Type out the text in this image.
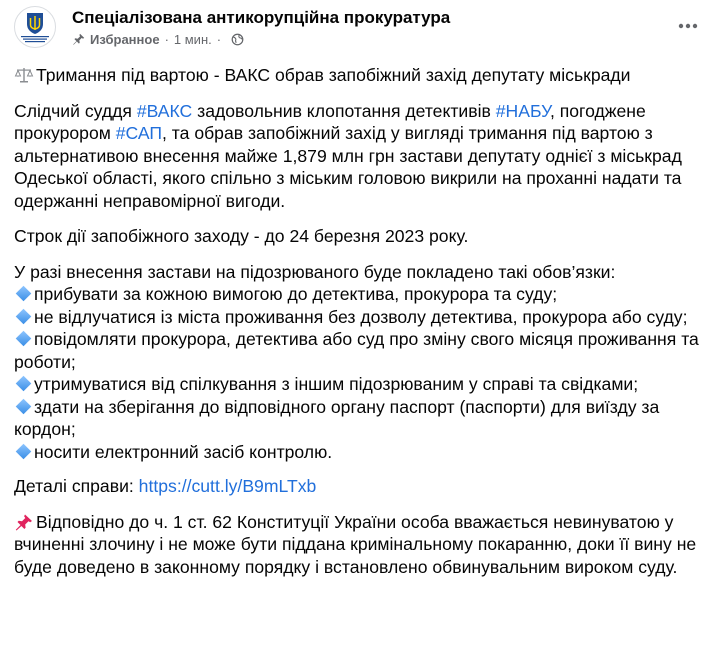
Спеціалізована антикорупційна прокуратура
Избранное · 1 мин. ·

Тримання під вартою - ВАКС обрав запобіжний захід депутату міськради

Слідчий суддя #ВАКС задовольнив клопотання детективів #НАБУ, погоджене прокурором #САП, та обрав запобіжний захід у вигляді тримання під вартою з альтернативою внесення майже 1,879 млн грн застави депутату однієї з міськрад Одеської області, якого спільно з міським головою викрили на проханні надати та одержанні неправомірної вигоди.

Строк дії запобіжного заходу - до 24 березня 2023 року.

У разі внесення застави на підозрюваного буде покладено такі обов’язки:
прибувати за кожною вимогою до детектива, прокурора та суду;
не відлучатися із міста проживання без дозволу детектива, прокурора або суду;
повідомляти прокурора, детектива або суд про зміну свого місяця проживання та роботи;
утримуватися від спілкування з іншим підозрюваним у справі та свідками;
здати на зберігання до відповідного органу паспорт (паспорти) для виїзду за кордон;
носити електронний засіб контролю.

Деталі справи: https://cutt.ly/B9mLTxb

Відповідно до ч. 1 ст. 62 Конституції України особа вважається невинуватою у вчиненні злочину і не може бути піддана кримінальному покаранню, доки її вину не буде доведено в законному порядку і встановлено обвинувальним вироком суду.
